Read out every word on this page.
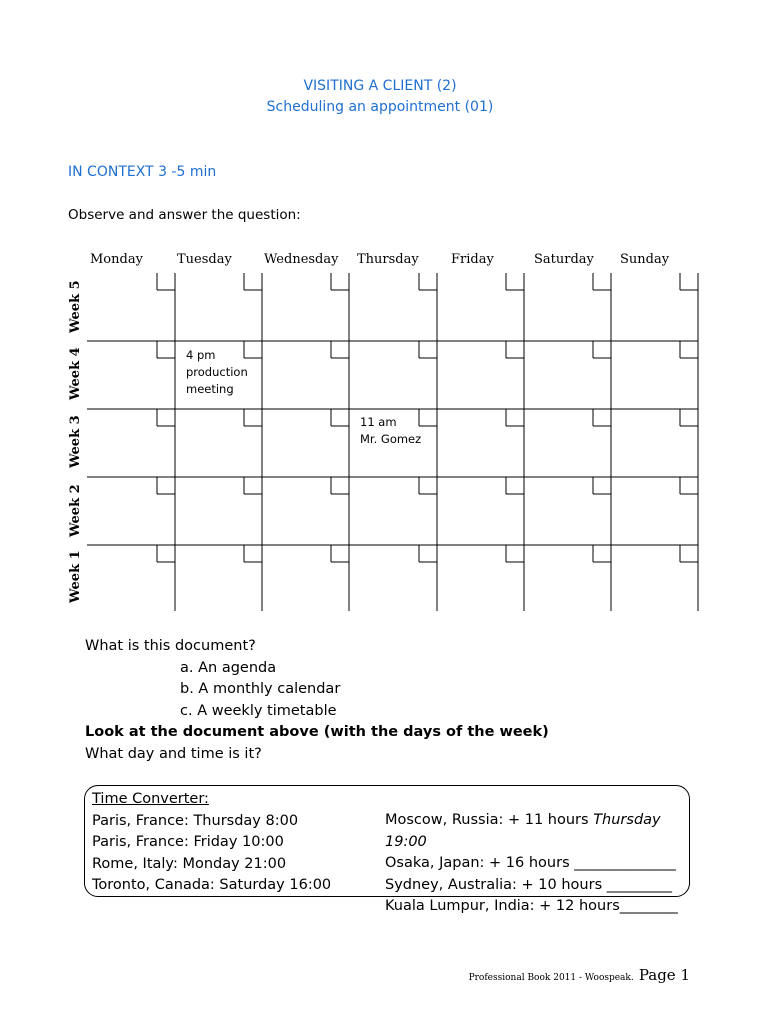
VISITING A CLIENT (2)
Scheduling an appointment (01)
IN CONTEXT 3 -5 min
Observe and answer the question:
Monday	Tuesday Wednesday Thursday Friday	Saturday Sunday
Week 5
Week 4
Week 3
Week 2
Week 1
4 pm
production
meeting
11 am
Mr. Gomez
What is this document?
a. An agenda
b. A monthly calendar
c. A weekly timetable
Look at the document above (with the days of the week)
What day and time is it?
Time Converter:
Paris, France: Thursday 8:00
Paris, France: Friday 10:00
Rome, Italy: Monday 21:00
Toronto, Canada: Saturday 16:00
Moscow, Russia: + 11 hours Thursday 19:00
Osaka, Japan: + 16 hours ______________
Sydney, Australia: + 10 hours _________
Kuala Lumpur, India: + 12 hours________
Professional Book 2011 - Woospeak. Page 1
